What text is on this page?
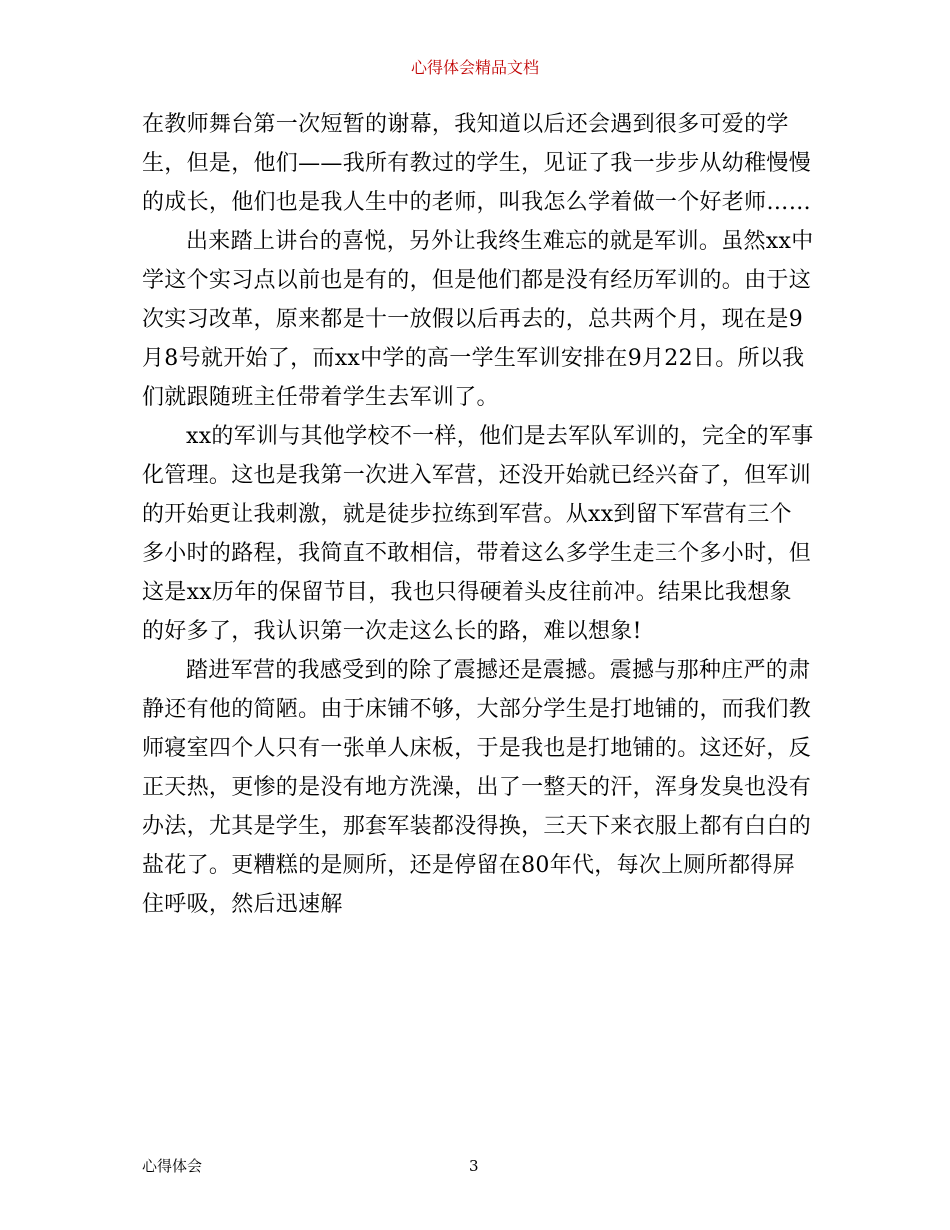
心得体会精品文档

在教师舞台第一次短暂的谢幕，我知道以后还会遇到很多可爱的学生，但是，他们——我所有教过的学生，见证了我一步步从幼稚慢慢的成长，他们也是我人生中的老师，叫我怎么学着做一个好老师……

出来踏上讲台的喜悦，另外让我终生难忘的就是军训。虽然xx中学这个实习点以前也是有的，但是他们都是没有经历军训的。由于这次实习改革，原来都是十一放假以后再去的，总共两个月，现在是9月8号就开始了，而xx中学的高一学生军训安排在9月22日。所以我们就跟随班主任带着学生去军训了。

xx的军训与其他学校不一样，他们是去军队军训的，完全的军事化管理。这也是我第一次进入军营，还没开始就已经兴奋了，但军训的开始更让我刺激，就是徒步拉练到军营。从xx到留下军营有三个多小时的路程，我简直不敢相信，带着这么多学生走三个多小时，但这是xx历年的保留节目，我也只得硬着头皮往前冲。结果比我想象的好多了，我认识第一次走这么长的路，难以想象!

踏进军营的我感受到的除了震撼还是震撼。震撼与那种庄严的肃静还有他的简陋。由于床铺不够，大部分学生是打地铺的，而我们教师寝室四个人只有一张单人床板，于是我也是打地铺的。这还好，反正天热，更惨的是没有地方洗澡，出了一整天的汗，浑身发臭也没有办法，尤其是学生，那套军装都没得换，三天下来衣服上都有白白的盐花了。更糟糕的是厕所，还是停留在80年代，每次上厕所都得屏住呼吸，然后迅速解

心得体会	3
